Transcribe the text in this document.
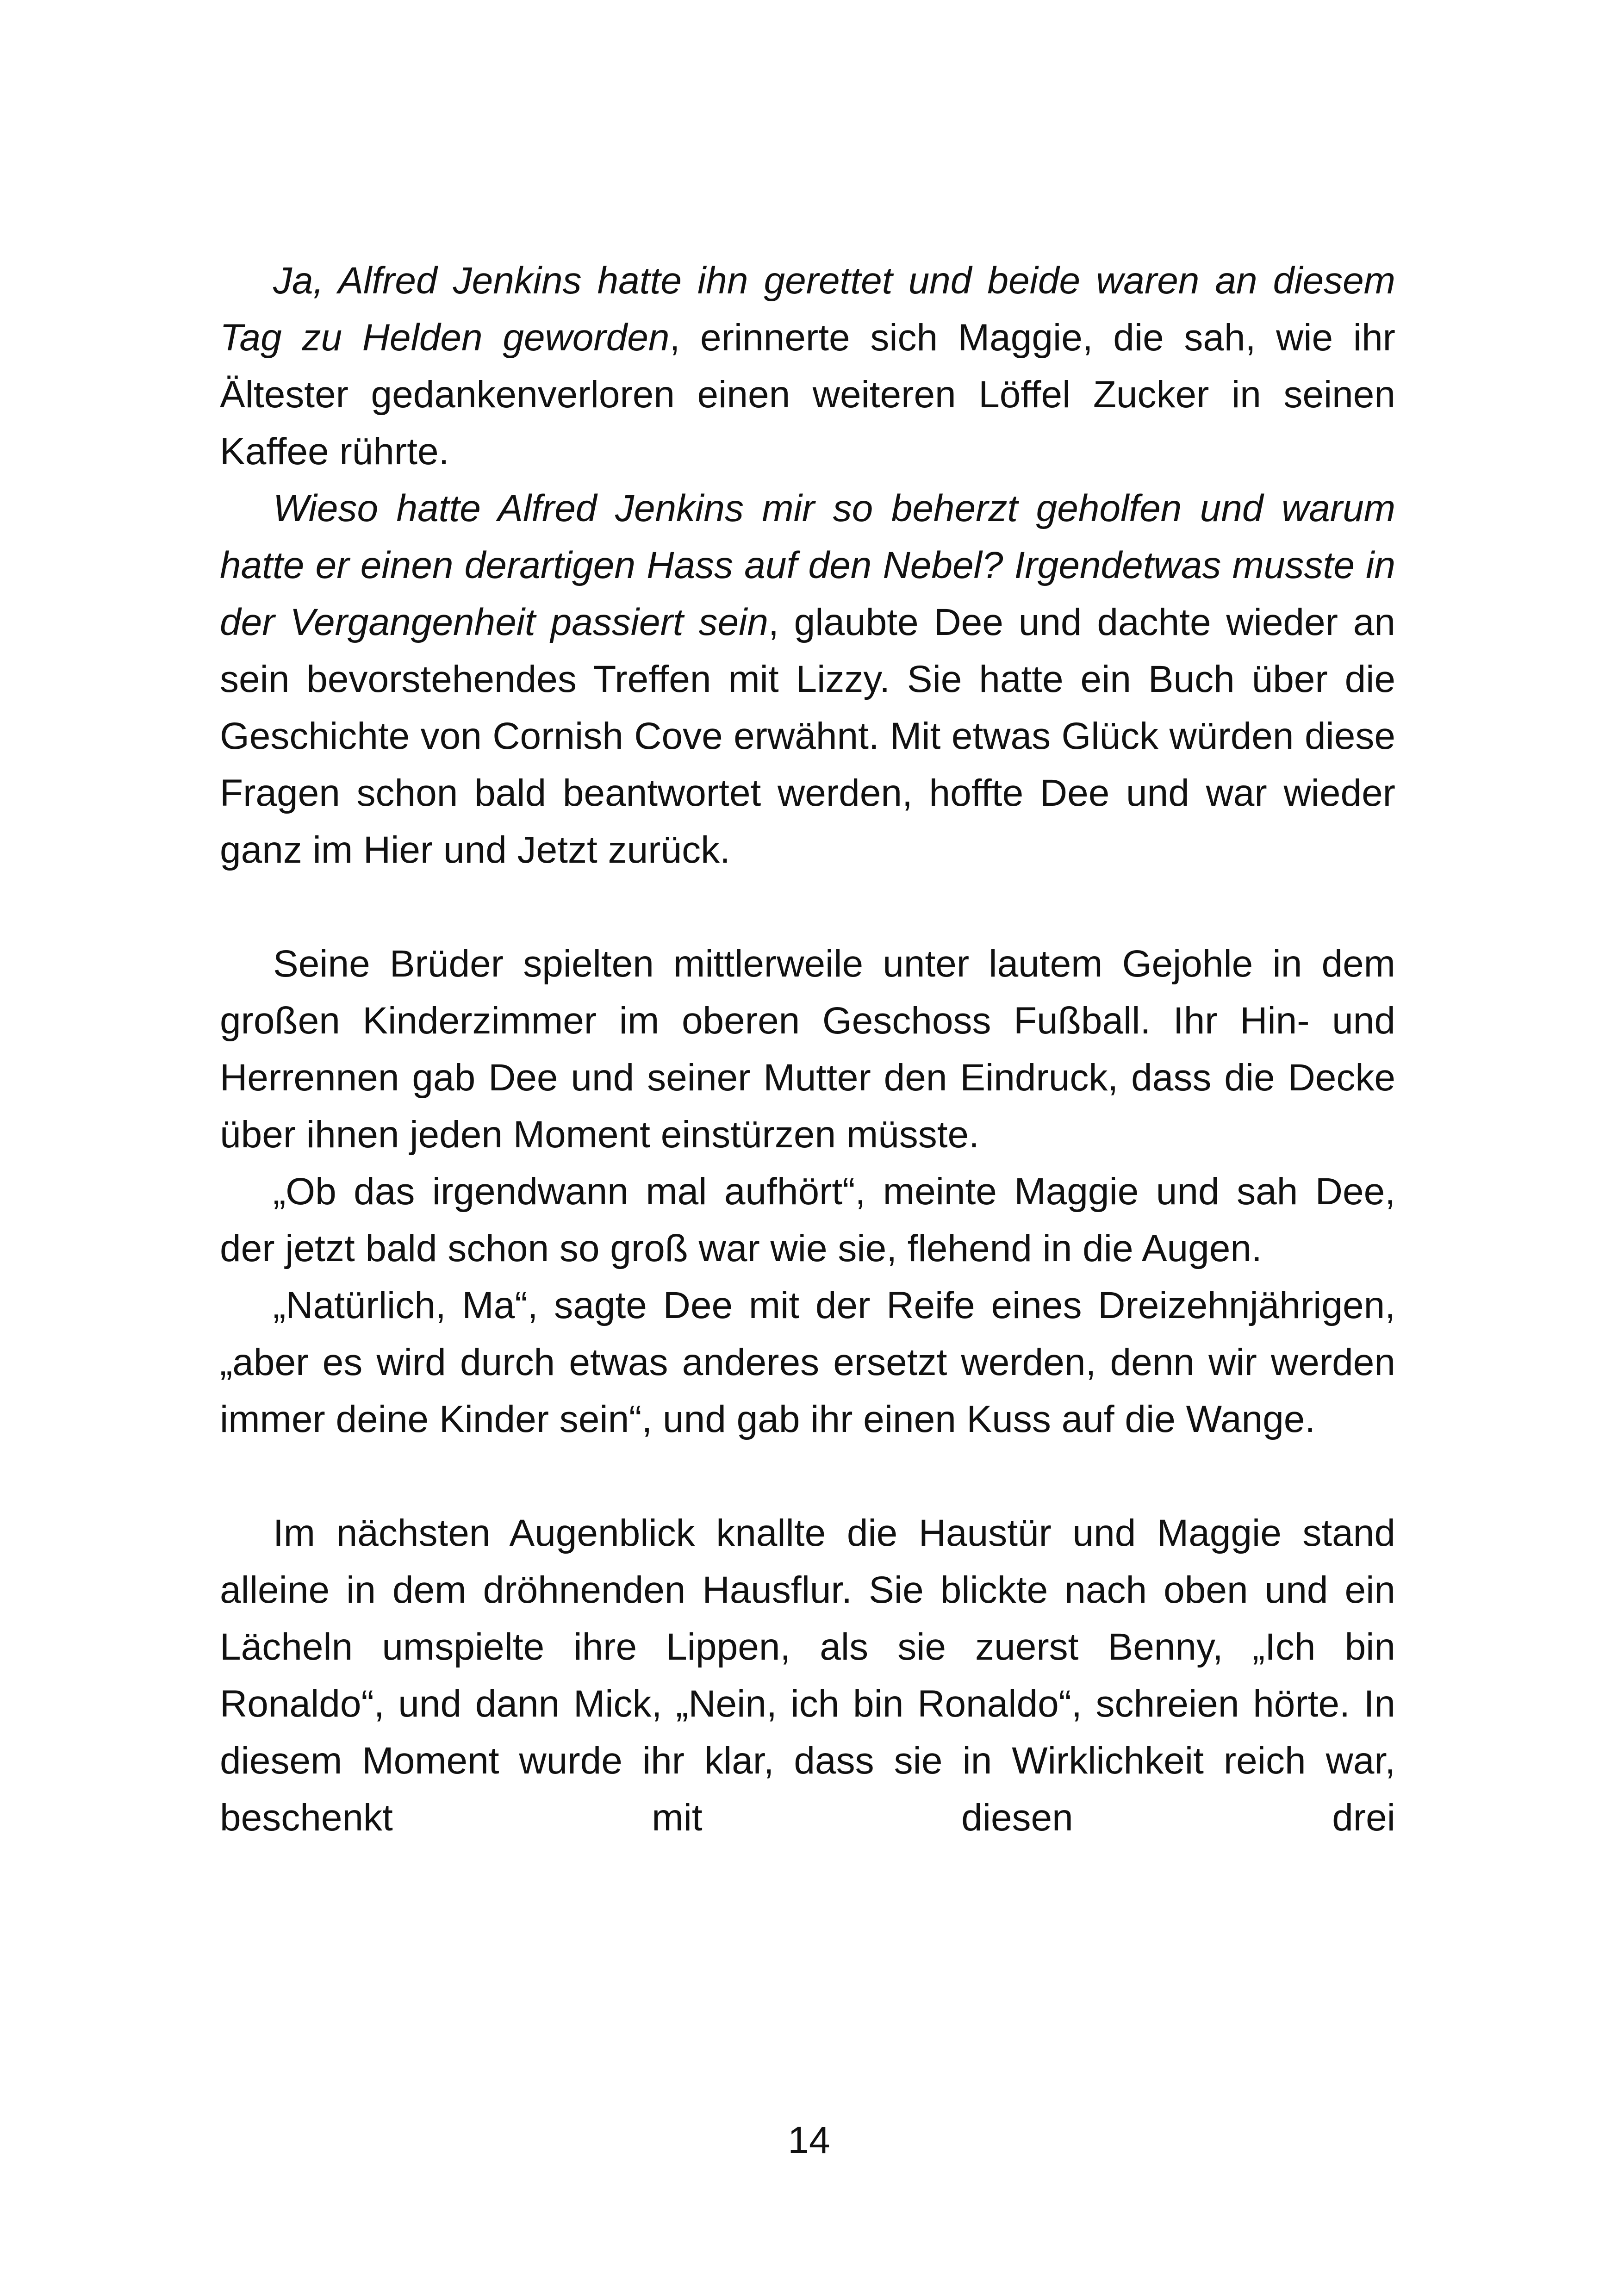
Ja, Alfred Jenkins hatte ihn gerettet und beide waren an diesem Tag zu Helden geworden, erinnerte sich Maggie, die sah, wie ihr Ältester gedankenverloren einen weiteren Löffel Zucker in seinen Kaffee rührte.

Wieso hatte Alfred Jenkins mir so beherzt geholfen und warum hatte er einen derartigen Hass auf den Nebel? Irgendetwas musste in der Vergangenheit passiert sein, glaubte Dee und dachte wieder an sein bevorstehendes Treffen mit Lizzy. Sie hatte ein Buch über die Geschichte von Cornish Cove erwähnt. Mit etwas Glück würden diese Fragen schon bald beantwortet werden, hoffte Dee und war wieder ganz im Hier und Jetzt zurück.

Seine Brüder spielten mittlerweile unter lautem Gejohle in dem großen Kinderzimmer im oberen Geschoss Fußball. Ihr Hin- und Herrennen gab Dee und seiner Mutter den Eindruck, dass die Decke über ihnen jeden Moment einstürzen müsste.

„Ob das irgendwann mal aufhört“, meinte Maggie und sah Dee, der jetzt bald schon so groß war wie sie, flehend in die Augen.

„Natürlich, Ma“, sagte Dee mit der Reife eines Dreizehnjährigen, „aber es wird durch etwas anderes ersetzt werden, denn wir werden immer deine Kinder sein“, und gab ihr einen Kuss auf die Wange.

Im nächsten Augenblick knallte die Haustür und Maggie stand alleine in dem dröhnenden Hausflur. Sie blickte nach oben und ein Lächeln umspielte ihre Lippen, als sie zuerst Benny, „Ich bin Ronaldo“, und dann Mick, „Nein, ich bin Ronaldo“, schreien hörte. In diesem Moment wurde ihr klar, dass sie in Wirklichkeit reich war, beschenkt mit diesen drei

14
